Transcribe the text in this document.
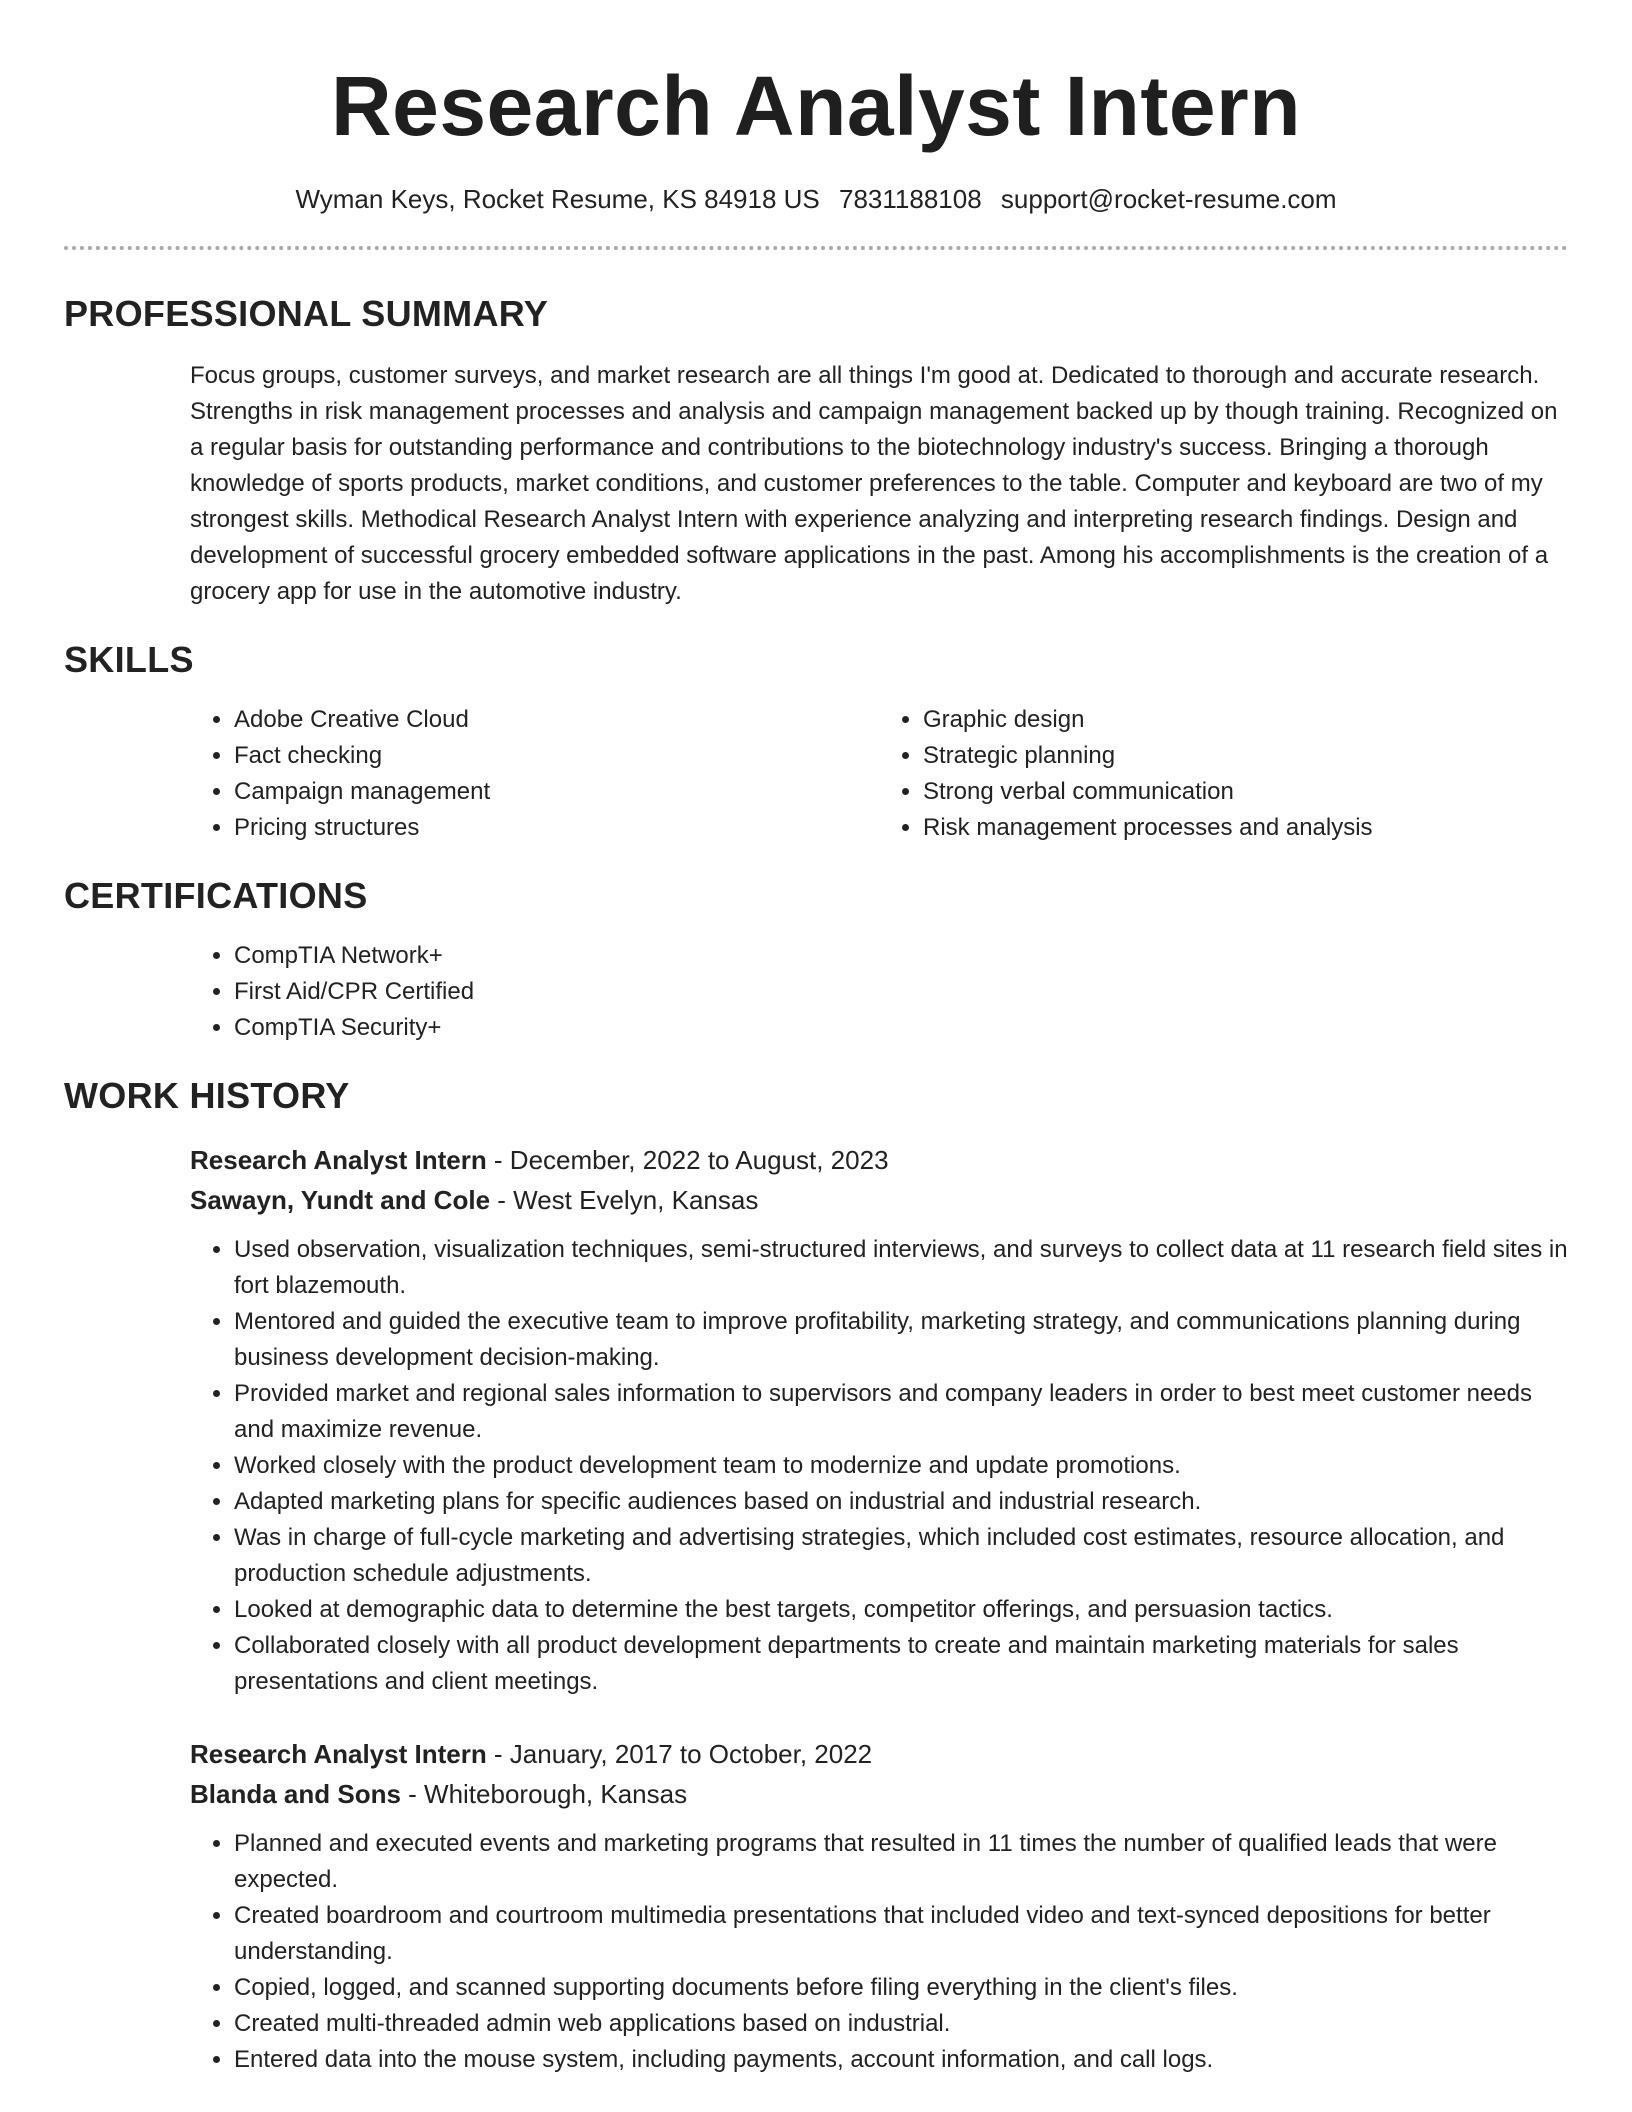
Research Analyst Intern
Wyman Keys, Rocket Resume, KS 84918 US 7831188108 support@rocket-resume.com
PROFESSIONAL SUMMARY

Focus groups, customer surveys, and market research are all things I'm good at. Dedicated to thorough and accurate research. Strengths in risk management processes and analysis and campaign management backed up by though training. Recognized on a regular basis for outstanding performance and contributions to the biotechnology industry's success. Bringing a thorough knowledge of sports products, market conditions, and customer preferences to the table. Computer and keyboard are two of my strongest skills. Methodical Research Analyst Intern with experience analyzing and interpreting research findings. Design and development of successful grocery embedded software applications in the past. Among his accomplishments is the creation of a grocery app for use in the automotive industry.

SKILLS
• Adobe Creative Cloud
• Fact checking
• Campaign management
• Pricing structures
• Graphic design
• Strategic planning
• Strong verbal communication
• Risk management processes and analysis
CERTIFICATIONS
• CompTIA Network+
• First Aid/CPR Certified
• CompTIA Security+
WORK HISTORY
Research Analyst Intern - December, 2022 to August, 2023
Sawayn, Yundt and Cole - West Evelyn, Kansas
• Used observation, visualization techniques, semi-structured interviews, and surveys to collect data at 11 research field sites in fort blazemouth.
• Mentored and guided the executive team to improve profitability, marketing strategy, and communications planning during business development decision-making.
• Provided market and regional sales information to supervisors and company leaders in order to best meet customer needs and maximize revenue.
• Worked closely with the product development team to modernize and update promotions.
• Adapted marketing plans for specific audiences based on industrial and industrial research.
• Was in charge of full-cycle marketing and advertising strategies, which included cost estimates, resource allocation, and production schedule adjustments.
• Looked at demographic data to determine the best targets, competitor offerings, and persuasion tactics.
• Collaborated closely with all product development departments to create and maintain marketing materials for sales presentations and client meetings.
Research Analyst Intern - January, 2017 to October, 2022
Blanda and Sons - Whiteborough, Kansas
• Planned and executed events and marketing programs that resulted in 11 times the number of qualified leads that were expected.
• Created boardroom and courtroom multimedia presentations that included video and text-synced depositions for better understanding.
• Copied, logged, and scanned supporting documents before filing everything in the client's files.
• Created multi-threaded admin web applications based on industrial.
• Entered data into the mouse system, including payments, account information, and call logs.
